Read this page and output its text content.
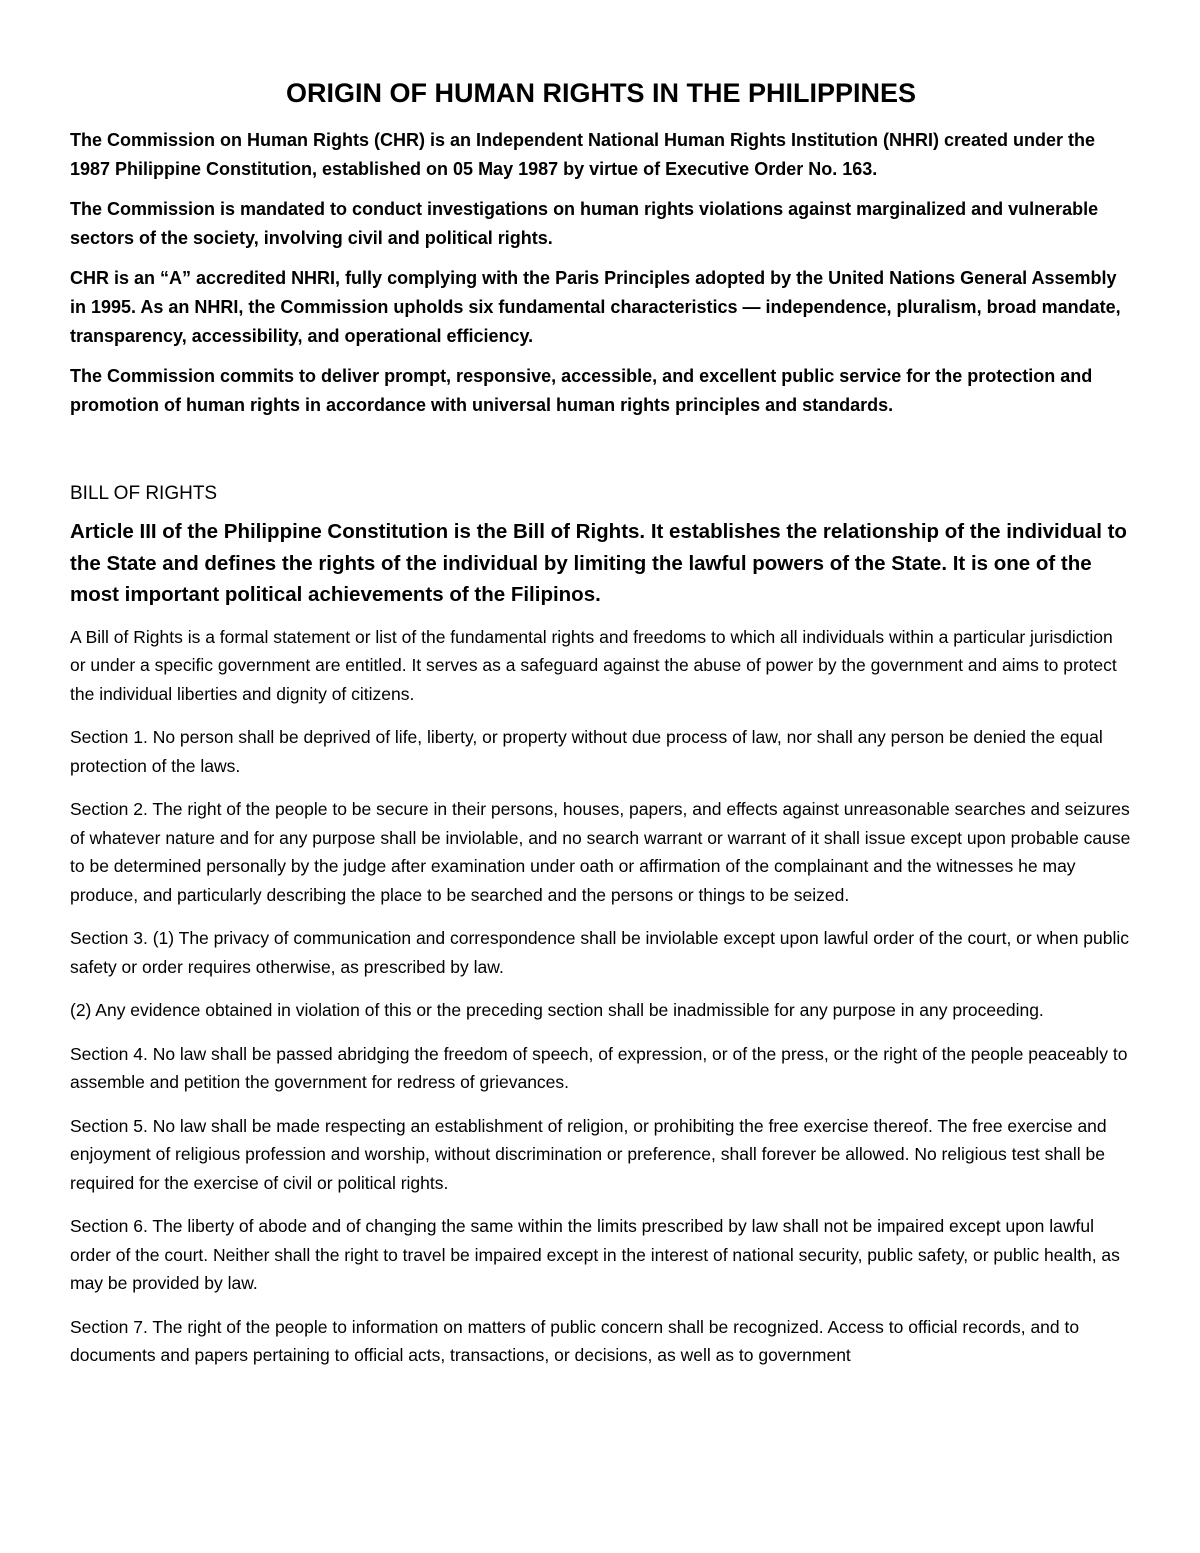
ORIGIN OF HUMAN RIGHTS IN THE PHILIPPINES

The Commission on Human Rights (CHR) is an Independent National Human Rights Institution (NHRI) created under the 1987 Philippine Constitution, established on 05 May 1987 by virtue of Executive Order No. 163.

The Commission is mandated to conduct investigations on human rights violations against marginalized and vulnerable sectors of the society, involving civil and political rights.

CHR is an “A” accredited NHRI, fully complying with the Paris Principles adopted by the United Nations General Assembly in 1995. As an NHRI, the Commission upholds six fundamental characteristics — independence, pluralism, broad mandate, transparency, accessibility, and operational efficiency.

The Commission commits to deliver prompt, responsive, accessible, and excellent public service for the protection and promotion of human rights in accordance with universal human rights principles and standards.

BILL OF RIGHTS
Article III of the Philippine Constitution is the Bill of Rights. It establishes the relationship of the individual to the State and defines the rights of the individual by limiting the lawful powers of the State. It is one of the most important political achievements of the Filipinos.

A Bill of Rights is a formal statement or list of the fundamental rights and freedoms to which all individuals within a particular jurisdiction or under a specific government are entitled. It serves as a safeguard against the abuse of power by the government and aims to protect the individual liberties and dignity of citizens.

Section 1. No person shall be deprived of life, liberty, or property without due process of law, nor shall any person be denied the equal protection of the laws.

Section 2. The right of the people to be secure in their persons, houses, papers, and effects against unreasonable searches and seizures of whatever nature and for any purpose shall be inviolable, and no search warrant or warrant of it shall issue except upon probable cause to be determined personally by the judge after examination under oath or affirmation of the complainant and the witnesses he may produce, and particularly describing the place to be searched and the persons or things to be seized.

Section 3. (1) The privacy of communication and correspondence shall be inviolable except upon lawful order of the court, or when public safety or order requires otherwise, as prescribed by law.

(2) Any evidence obtained in violation of this or the preceding section shall be inadmissible for any purpose in any proceeding.

Section 4. No law shall be passed abridging the freedom of speech, of expression, or of the press, or the right of the people peaceably to assemble and petition the government for redress of grievances.

Section 5. No law shall be made respecting an establishment of religion, or prohibiting the free exercise thereof. The free exercise and enjoyment of religious profession and worship, without discrimination or preference, shall forever be allowed. No religious test shall be required for the exercise of civil or political rights.

Section 6. The liberty of abode and of changing the same within the limits prescribed by law shall not be impaired except upon lawful order of the court. Neither shall the right to travel be impaired except in the interest of national security, public safety, or public health, as may be provided by law.

Section 7. The right of the people to information on matters of public concern shall be recognized. Access to official records, and to documents and papers pertaining to official acts, transactions, or decisions, as well as to government
